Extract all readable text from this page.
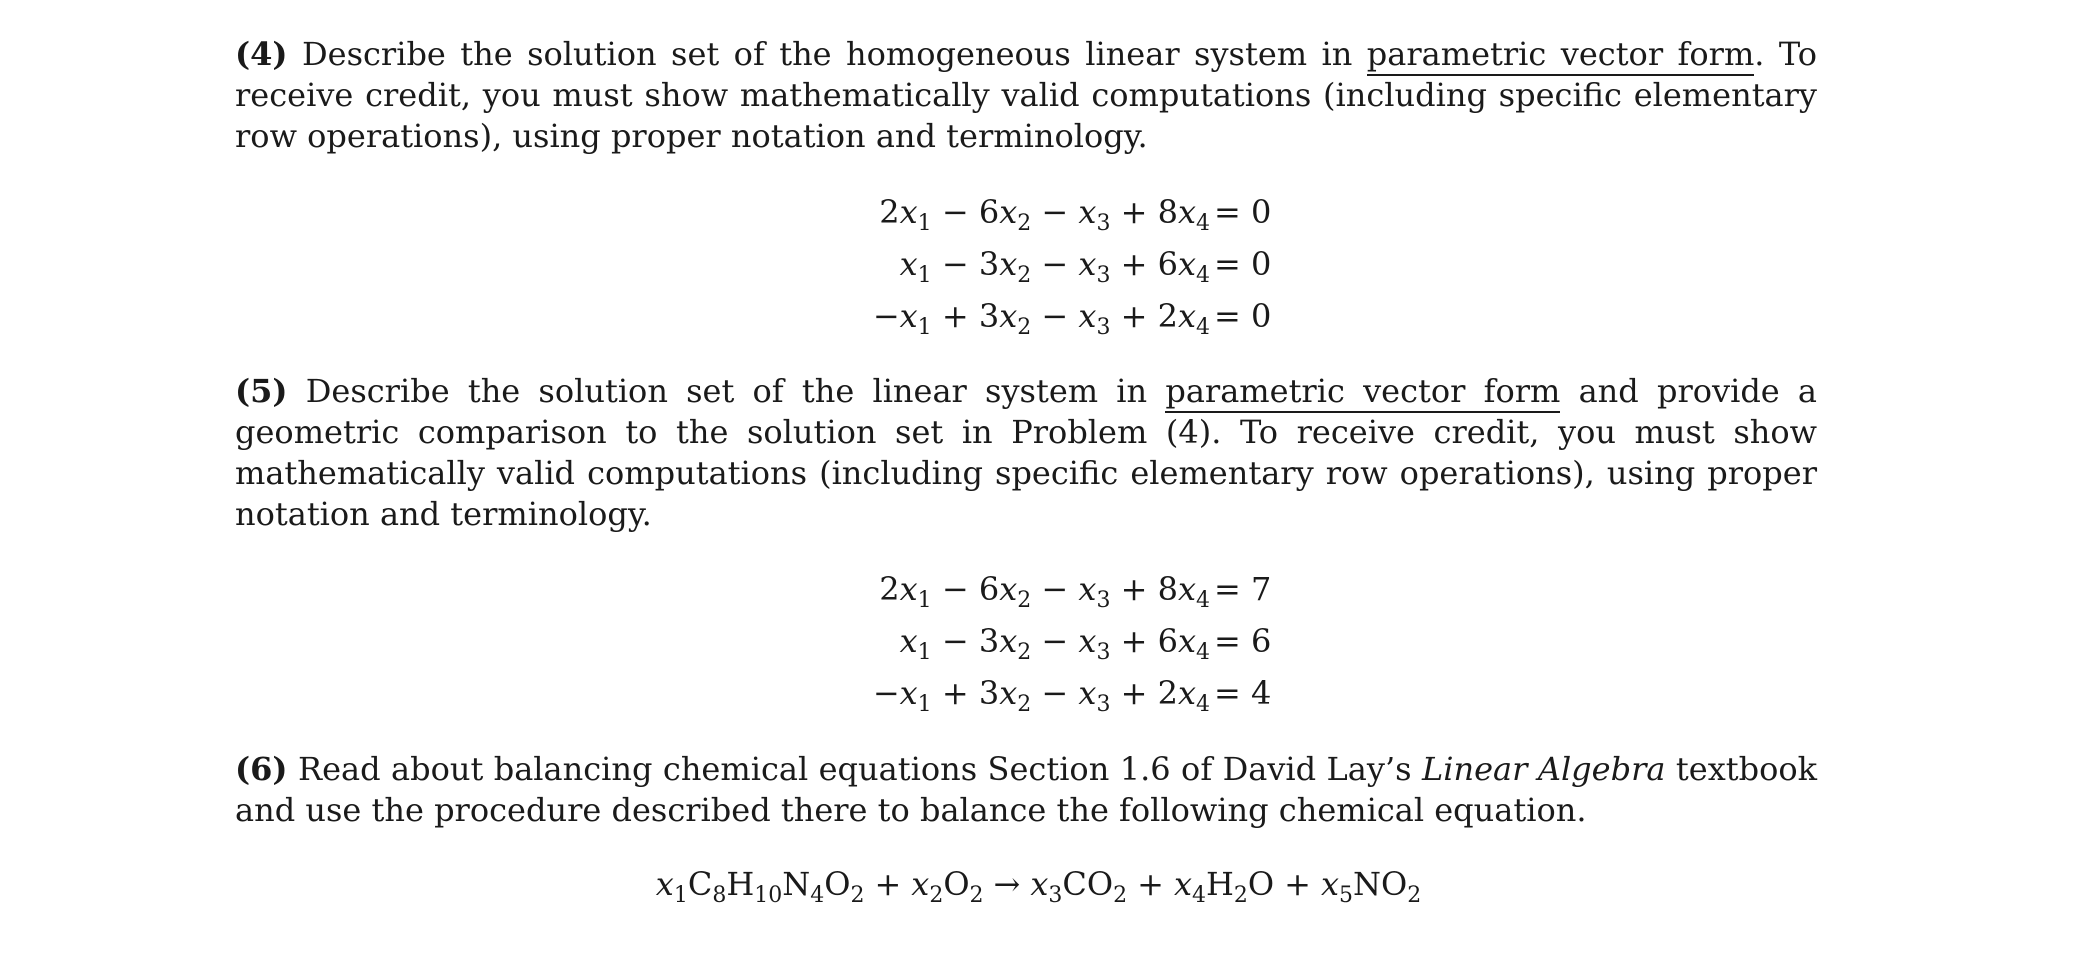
(4) Describe the solution set of the homogeneous linear system in parametric vector form. To receive credit, you must show mathematically valid computations (including specific elementary row operations), using proper notation and terminology.
$2x_1 - 6x_2 - x_3 + 8x_4 = 0$
$x_1 - 3x_2 - x_3 + 6x_4 = 0$
$-x_1 + 3x_2 - x_3 + 2x_4 = 0$
(5) Describe the solution set of the linear system in parametric vector form and provide a geometric comparison to the solution set in Problem (4). To receive credit, you must show mathematically valid computations (including specific elementary row operations), using proper notation and terminology.
$2x_1 - 6x_2 - x_3 + 8x_4 = 7$
$x_1 - 3x_2 - x_3 + 6x_4 = 6$
$-x_1 + 3x_2 - x_3 + 2x_4 = 4$
(6) Read about balancing chemical equations Section 1.6 of David Lay’s Linear Algebra textbook and use the procedure described there to balance the following chemical equation.
$x_1C_8H_{10}N_4O_2 + x_2O_2 \to x_3CO_2 + x_4H_2O + x_5NO_2$
